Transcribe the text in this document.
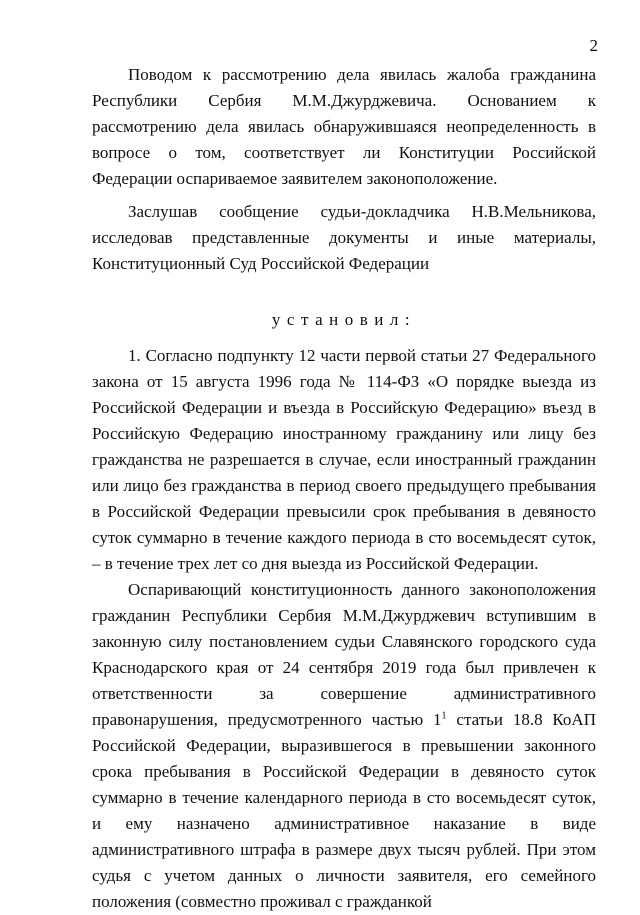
2

Поводом к рассмотрению дела явилась жалоба гражданина Республики Сербия М.М.Джурджевича. Основанием к рассмотрению дела явилась обнаружившаяся неопределенность в вопросе о том, соответствует ли Конституции Российской Федерации оспариваемое заявителем законоположение.

Заслушав сообщение судьи-докладчика Н.В.Мельникова, исследовав представленные документы и иные материалы, Конституционный Суд Российской Федерации

установил:

1. Согласно подпункту 12 части первой статьи 27 Федерального закона от 15 августа 1996 года № 114-ФЗ «О порядке выезда из Российской Федерации и въезда в Российскую Федерацию» въезд в Российскую Федерацию иностранному гражданину или лицу без гражданства не разрешается в случае, если иностранный гражданин или лицо без гражданства в период своего предыдущего пребывания в Российской Федерации превысили срок пребывания в девяносто суток суммарно в течение каждого периода в сто восемьдесят суток, – в течение трех лет со дня выезда из Российской Федерации.

Оспаривающий конституционность данного законоположения гражданин Республики Сербия М.М.Джурджевич вступившим в законную силу постановлением судьи Славянского городского суда Краснодарского края от 24 сентября 2019 года был привлечен к ответственности за совершение административного правонарушения, предусмотренного частью $1^1$ статьи 18.8 КоАП Российской Федерации, выразившегося в превышении законного срока пребывания в Российской Федерации в девяносто суток суммарно в течение календарного периода в сто восемьдесят суток, и ему назначено административное наказание в виде административного штрафа в размере двух тысяч рублей. При этом судья с учетом данных о личности заявителя, его семейного положения (совместно проживал с гражданкой
